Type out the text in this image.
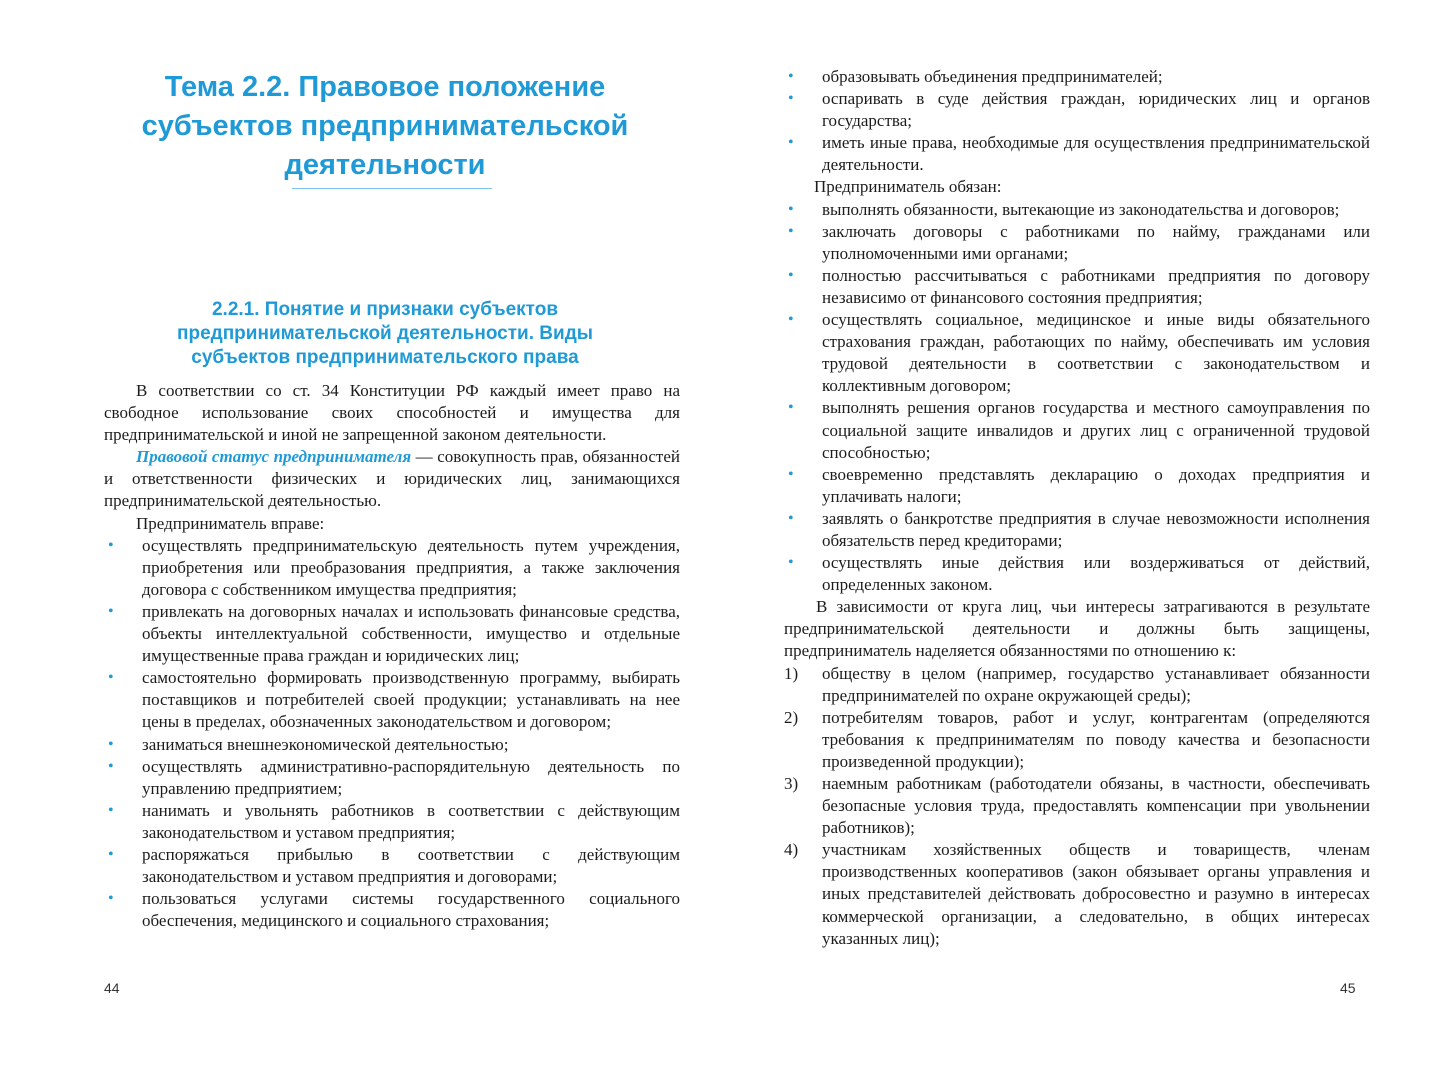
Тема 2.2. Правовое положение субъектов предпринимательской деятельности
2.2.1. Понятие и признаки субъектов предпринимательской деятельности. Виды субъектов предпринимательского права

В соответствии со ст. 34 Конституции РФ каждый имеет право на свободное использование своих способностей и имущества для предпринимательской и иной не запрещенной законом деятельности.

Правовой статус предпринимателя — совокупность прав, обязанностей и ответственности физических и юридических лиц, занимающихся предпринимательской деятельностью.

Предприниматель вправе:

• осуществлять предпринимательскую деятельность путем учреждения, приобретения или преобразования предприятия, а также заключения договора с собственником имущества предприятия;
• привлекать на договорных началах и использовать финансовые средства, объекты интеллектуальной собственности, имущество и отдельные имущественные права граждан и юридических лиц;
• самостоятельно формировать производственную программу, выбирать поставщиков и потребителей своей продукции; устанавливать на нее цены в пределах, обозначенных законодательством и договором;
• заниматься внешнеэкономической деятельностью;
• осуществлять административно-распорядительную деятельность по управлению предприятием;
• нанимать и увольнять работников в соответствии с действующим законодательством и уставом предприятия;
• распоряжаться прибылью в соответствии с действующим законодательством и уставом предприятия и договорами;
• пользоваться услугами системы государственного социального обеспечения, медицинского и социального страхования;
44
• образовывать объединения предпринимателей;
• оспаривать в суде действия граждан, юридических лиц и органов государства;
• иметь иные права, необходимые для осуществления предпринимательской деятельности.

Предприниматель обязан:

• выполнять обязанности, вытекающие из законодательства и договоров;
• заключать договоры с работниками по найму, гражданами или уполномоченными ими органами;
• полностью рассчитываться с работниками предприятия по договору независимо от финансового состояния предприятия;
• осуществлять социальное, медицинское и иные виды обязательного страхования граждан, работающих по найму, обеспечивать им условия трудовой деятельности в соответствии с законодательством и коллективным договором;
• выполнять решения органов государства и местного самоуправления по социальной защите инвалидов и других лиц с ограниченной трудовой способностью;
• своевременно представлять декларацию о доходах предприятия и уплачивать налоги;
• заявлять о банкротстве предприятия в случае невозможности исполнения обязательств перед кредиторами;
• осуществлять иные действия или воздерживаться от действий, определенных законом.

В зависимости от круга лиц, чьи интересы затрагиваются в результате предпринимательской деятельности и должны быть защищены, предприниматель наделяется обязанностями по отношению к:

1) обществу в целом (например, государство устанавливает обязанности предпринимателей по охране окружающей среды);
2) потребителям товаров, работ и услуг, контрагентам (определяются требования к предпринимателям по поводу качества и безопасности произведенной продукции);
3) наемным работникам (работодатели обязаны, в частности, обеспечивать безопасные условия труда, предоставлять компенсации при увольнении работников);
4) участникам хозяйственных обществ и товариществ, членам производственных кооперативов (закон обязывает органы управления и иных представителей действовать добросовестно и разумно в интересах коммерческой организации, а следовательно, в общих интересах указанных лиц);
45
